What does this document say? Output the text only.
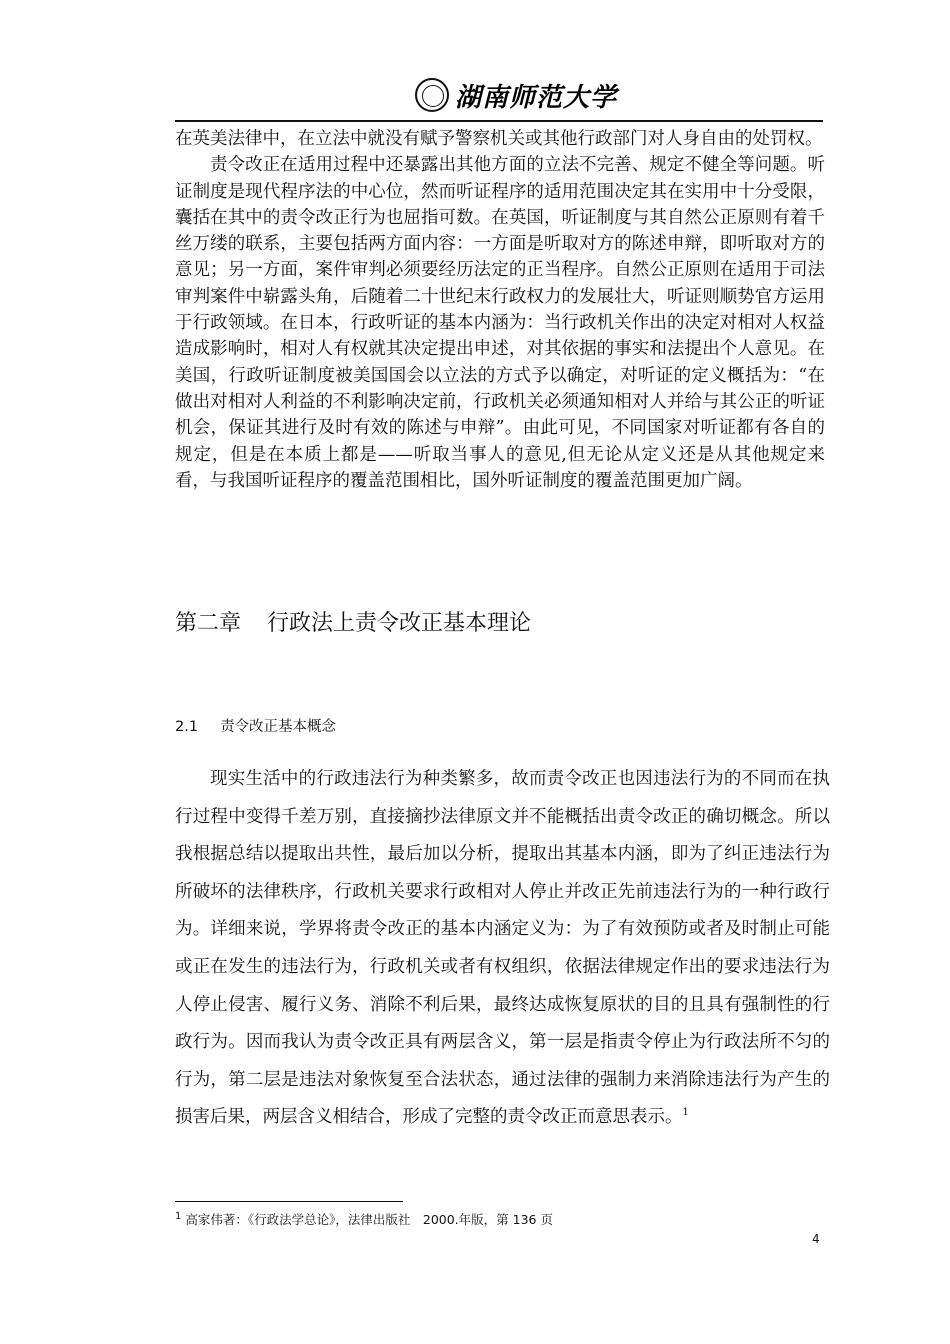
湖南师范大学

在英美法律中，在立法中就没有赋予警察机关或其他行政部门对人身自由的处罚权。

责令改正在适用过程中还暴露出其他方面的立法不完善、规定不健全等问题。听证制度是现代程序法的中心位，然而听证程序的适用范围决定其在实用中十分受限，囊括在其中的责令改正行为也屈指可数。在英国，听证制度与其自然公正原则有着千丝万缕的联系，主要包括两方面内容：一方面是听取对方的陈述申辩，即听取对方的意见；另一方面，案件审判必须要经历法定的正当程序。自然公正原则在适用于司法审判案件中崭露头角，后随着二十世纪末行政权力的发展壮大，听证则顺势官方运用于行政领域。在日本，行政听证的基本内涵为：当行政机关作出的决定对相对人权益造成影响时，相对人有权就其决定提出申述，对其依据的事实和法提出个人意见。在美国，行政听证制度被美国国会以立法的方式予以确定，对听证的定义概括为：“在做出对相对人利益的不利影响决定前，行政机关必须通知相对人并给与其公正的听证机会，保证其进行及时有效的陈述与申辩”。由此可见，不同国家对听证都有各自的规定，但是在本质上都是——听取当事人的意见,但无论从定义还是从其他规定来看，与我国听证程序的覆盖范围相比，国外听证制度的覆盖范围更加广阔。

第二章 行政法上责令改正基本理论
2.1 责令改正基本概念

现实生活中的行政违法行为种类繁多，故而责令改正也因违法行为的不同而在执行过程中变得千差万别，直接摘抄法律原文并不能概括出责令改正的确切概念。所以我根据总结以提取出共性，最后加以分析，提取出其基本内涵，即为了纠正违法行为所破坏的法律秩序，行政机关要求行政相对人停止并改正先前违法行为的一种行政行为。详细来说，学界将责令改正的基本内涵定义为：为了有效预防或者及时制止可能或正在发生的违法行为，行政机关或者有权组织，依据法律规定作出的要求违法行为人停止侵害、履行义务、消除不利后果，最终达成恢复原状的目的且具有强制性的行政行为。因而我认为责令改正具有两层含义，第一层是指责令停止为行政法所不匀的行为，第二层是违法对象恢复至合法状态，通过法律的强制力来消除违法行为产生的损害后果，两层含义相结合，形成了完整的责令改正而意思表示。$^1$

$^1$ 高家伟著：《行政法学总论》，法律出版社　2000.年版，第 136 页
4
